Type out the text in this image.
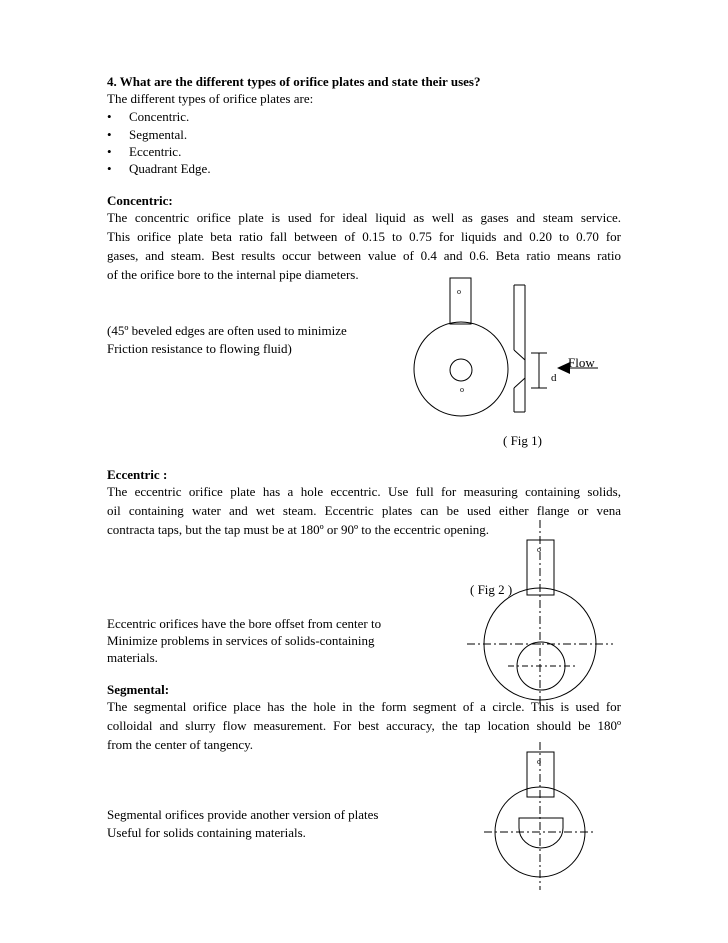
4. What are the different types of orifice plates and state their uses?
The different types of orifice plates are:
• Concentric.
• Segmental.
• Eccentric.
• Quadrant Edge.
Concentric:
The concentric orifice plate is used for ideal liquid as well as gases and steam service.
This orifice plate beta ratio fall between of 0.15 to 0.75 for liquids and 0.20 to 0.70 for
gases, and steam. Best results occur between value of 0.4 and 0.6. Beta ratio means ratio
of the orifice bore to the internal pipe diameters.
(45º beveled edges are often used to minimize
Friction resistance to flowing fluid)
Eccentric :
The eccentric orifice plate has a hole eccentric. Use full for measuring containing solids,
oil containing water and wet steam. Eccentric plates can be used either flange or vena
contracta taps, but the tap must be at 180º or 90º to the eccentric opening.
Eccentric orifices have the bore offset from center to
Minimize problems in services of solids-containing
materials.
Segmental:
The segmental orifice place has the hole in the form segment of a circle. This is used for
colloidal and slurry flow measurement. For best accuracy, the tap location should be 180º
from the center of tangency.
Segmental orifices provide another version of plates
Useful for solids containing materials.
o
o
Flow
d
( Fig 1)
o
( Fig 2 )
o
